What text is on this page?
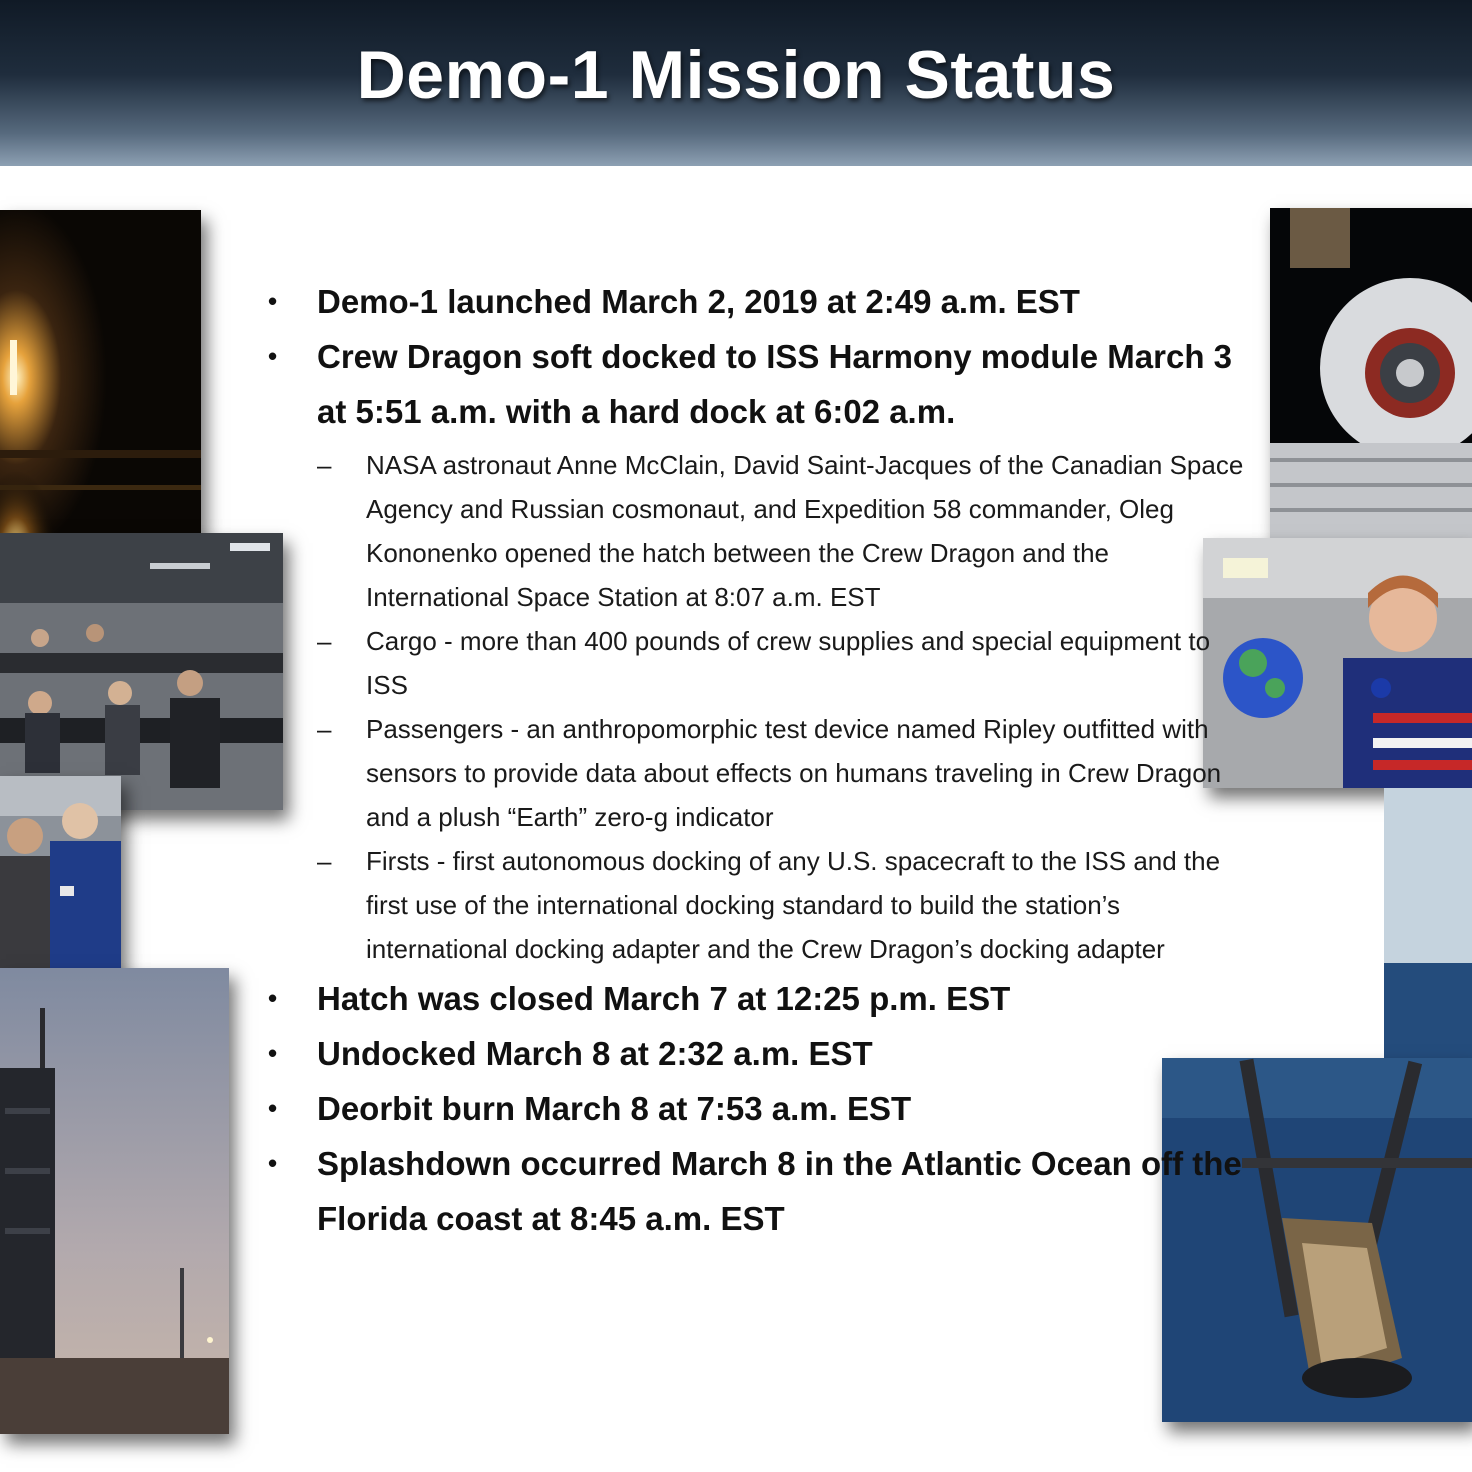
Demo-1 Mission Status
• Demo-1 launched March 2, 2019 at 2:49 a.m. EST
• Crew Dragon soft docked to ISS Harmony module March 3 at 5:51 a.m. with a hard dock at 6:02 a.m.
– NASA astronaut Anne McClain, David Saint-Jacques of the Canadian Space Agency and Russian cosmonaut, and Expedition 58 commander, Oleg Kononenko opened the hatch between the Crew Dragon and the International Space Station at 8:07 a.m. EST
– Cargo - more than 400 pounds of crew supplies and special equipment to ISS
– Passengers - an anthropomorphic test device named Ripley outfitted with sensors to provide data about effects on humans traveling in Crew Dragon and a plush “Earth” zero-g indicator
– Firsts - first autonomous docking of any U.S. spacecraft to the ISS and the first use of the international docking standard to build the station’s international docking adapter and the Crew Dragon’s docking adapter
• Hatch was closed March 7 at 12:25 p.m. EST
• Undocked March 8 at 2:32 a.m. EST
• Deorbit burn March 8 at 7:53 a.m. EST
• Splashdown occurred March 8 in the Atlantic Ocean off the Florida coast at 8:45 a.m. EST
